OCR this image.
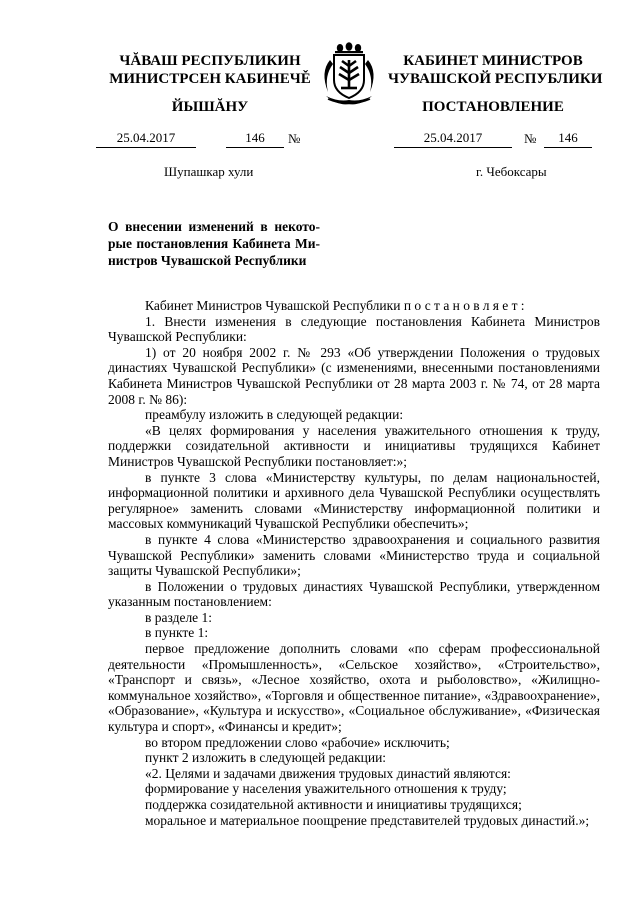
ЧĂВАШ РЕСПУБЛИКИН
МИНИСТРСЕН КАБИНЕЧĚ
ЙЫШĂНУ
КАБИНЕТ МИНИСТРОВ
ЧУВАШСКОЙ РЕСПУБЛИКИ
ПОСТАНОВЛЕНИЕ
25.04.2017	146	№	25.04.2017	№	146
Шупашкар хули	г. Чебоксары
О внесении изменений в некото-
рые постановления Кабинета Ми-
нистров Чувашской Республики

Кабинет Министров Чувашской Республики постановляет:

1. Внести изменения в следующие постановления Кабинета Министров Чувашской Республики:

1) от 20 ноября 2002 г. № 293 «Об утверждении Положения о трудовых династиях Чувашской Республики» (с изменениями, внесенными постановлениями Кабинета Министров Чувашской Республики от 28 марта 2003 г. № 74, от 28 марта 2008 г. № 86):

преамбулу изложить в следующей редакции:

«В целях формирования у населения уважительного отношения к труду, поддержки созидательной активности и инициативы трудящихся Кабинет Министров Чувашской Республики постановляет:»;

в пункте 3 слова «Министерству культуры, по делам национальностей, информационной политики и архивного дела Чувашской Республики осуществлять регулярное» заменить словами «Министерству информационной политики и массовых коммуникаций Чувашской Республики обеспечить»;

в пункте 4 слова «Министерство здравоохранения и социального развития Чувашской Республики» заменить словами «Министерство труда и социальной защиты Чувашской Республики»;

в Положении о трудовых династиях Чувашской Республики, утвержденном указанным постановлением:

в разделе 1:

в пункте 1:

первое предложение дополнить словами «по сферам профессиональной деятельности «Промышленность», «Сельское хозяйство», «Строительство», «Транспорт и связь», «Лесное хозяйство, охота и рыболовство», «Жилищно-коммунальное хозяйство», «Торговля и общественное питание», «Здравоохранение», «Образование», «Культура и искусство», «Социальное обслуживание», «Физическая культура и спорт», «Финансы и кредит»;

во втором предложении слово «рабочие» исключить;

пункт 2 изложить в следующей редакции:

«2. Целями и задачами движения трудовых династий являются:

формирование у населения уважительного отношения к труду;

поддержка созидательной активности и инициативы трудящихся;

моральное и материальное поощрение представителей трудовых династий.»;
